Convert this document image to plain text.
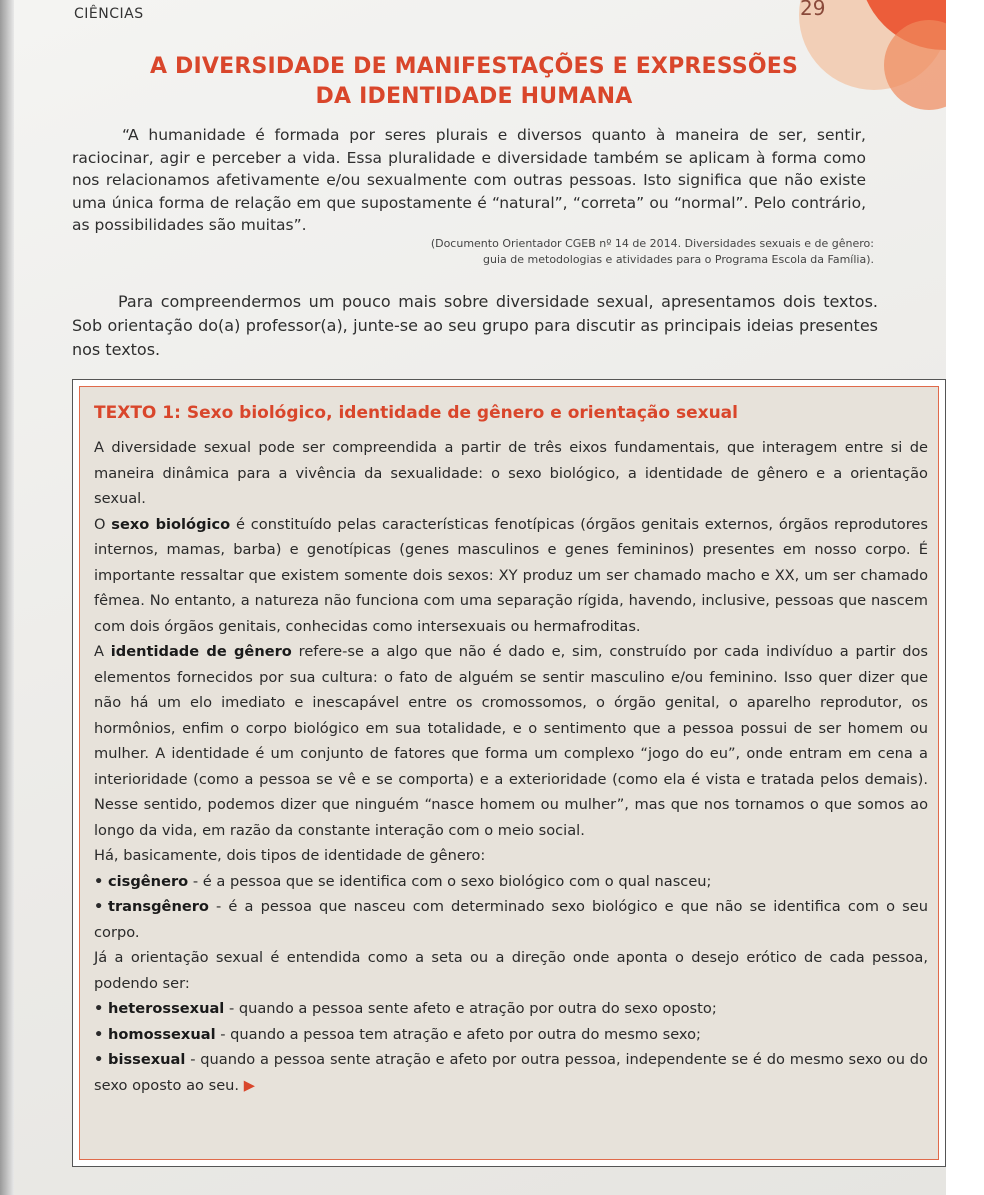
CIÊNCIAS	29
A DIVERSIDADE DE MANIFESTAÇÕES E EXPRESSÕES
DA IDENTIDADE HUMANA
“A humanidade é formada por seres plurais e diversos quanto à maneira de ser, sentir, raciocinar, agir e perceber a vida. Essa pluralidade e diversidade também se aplicam à forma como nos relacionamos afetivamente e/ou sexualmente com outras pessoas. Isto significa que não existe uma única forma de relação em que supostamente é “natural”, “correta” ou “normal”. Pelo contrário, as possibilidades são muitas”.
(Documento Orientador CGEB nº 14 de 2014. Diversidades sexuais e de gênero:
guia de metodologias e atividades para o Programa Escola da Família).
Para compreendermos um pouco mais sobre diversidade sexual, apresentamos dois textos. Sob orientação do(a) professor(a), junte-se ao seu grupo para discutir as principais ideias presentes nos textos.
TEXTO 1: Sexo biológico, identidade de gênero e orientação sexual

A diversidade sexual pode ser compreendida a partir de três eixos fundamentais, que interagem entre si de maneira dinâmica para a vivência da sexualidade: o sexo biológico, a identidade de gênero e a orientação sexual.

O sexo biológico é constituído pelas características fenotípicas (órgãos genitais externos, órgãos reprodutores internos, mamas, barba) e genotípicas (genes masculinos e genes femininos) presentes em nosso corpo. É importante ressaltar que existem somente dois sexos: XY produz um ser chamado macho e XX, um ser chamado fêmea. No entanto, a natureza não funciona com uma separação rígida, havendo, inclusive, pessoas que nascem com dois órgãos genitais, conhecidas como intersexuais ou hermafroditas.

A identidade de gênero refere-se a algo que não é dado e, sim, construído por cada indivíduo a partir dos elementos fornecidos por sua cultura: o fato de alguém se sentir masculino e/ou feminino. Isso quer dizer que não há um elo imediato e inescapável entre os cromossomos, o órgão genital, o aparelho reprodutor, os hormônios, enfim o corpo biológico em sua totalidade, e o sentimento que a pessoa possui de ser homem ou mulher. A identidade é um conjunto de fatores que forma um complexo “jogo do eu”, onde entram em cena a interioridade (como a pessoa se vê e se comporta) e a exterioridade (como ela é vista e tratada pelos demais). Nesse sentido, podemos dizer que ninguém “nasce homem ou mulher”, mas que nos tornamos o que somos ao longo da vida, em razão da constante interação com o meio social.

Há, basicamente, dois tipos de identidade de gênero:

• cisgênero - é a pessoa que se identifica com o sexo biológico com o qual nasceu;

• transgênero - é a pessoa que nasceu com determinado sexo biológico e que não se identifica com o seu corpo.

Já a orientação sexual é entendida como a seta ou a direção onde aponta o desejo erótico de cada pessoa, podendo ser:

• heterossexual - quando a pessoa sente afeto e atração por outra do sexo oposto;

• homossexual - quando a pessoa tem atração e afeto por outra do mesmo sexo;

• bissexual - quando a pessoa sente atração e afeto por outra pessoa, independente se é do mesmo sexo ou do sexo oposto ao seu. ▶
